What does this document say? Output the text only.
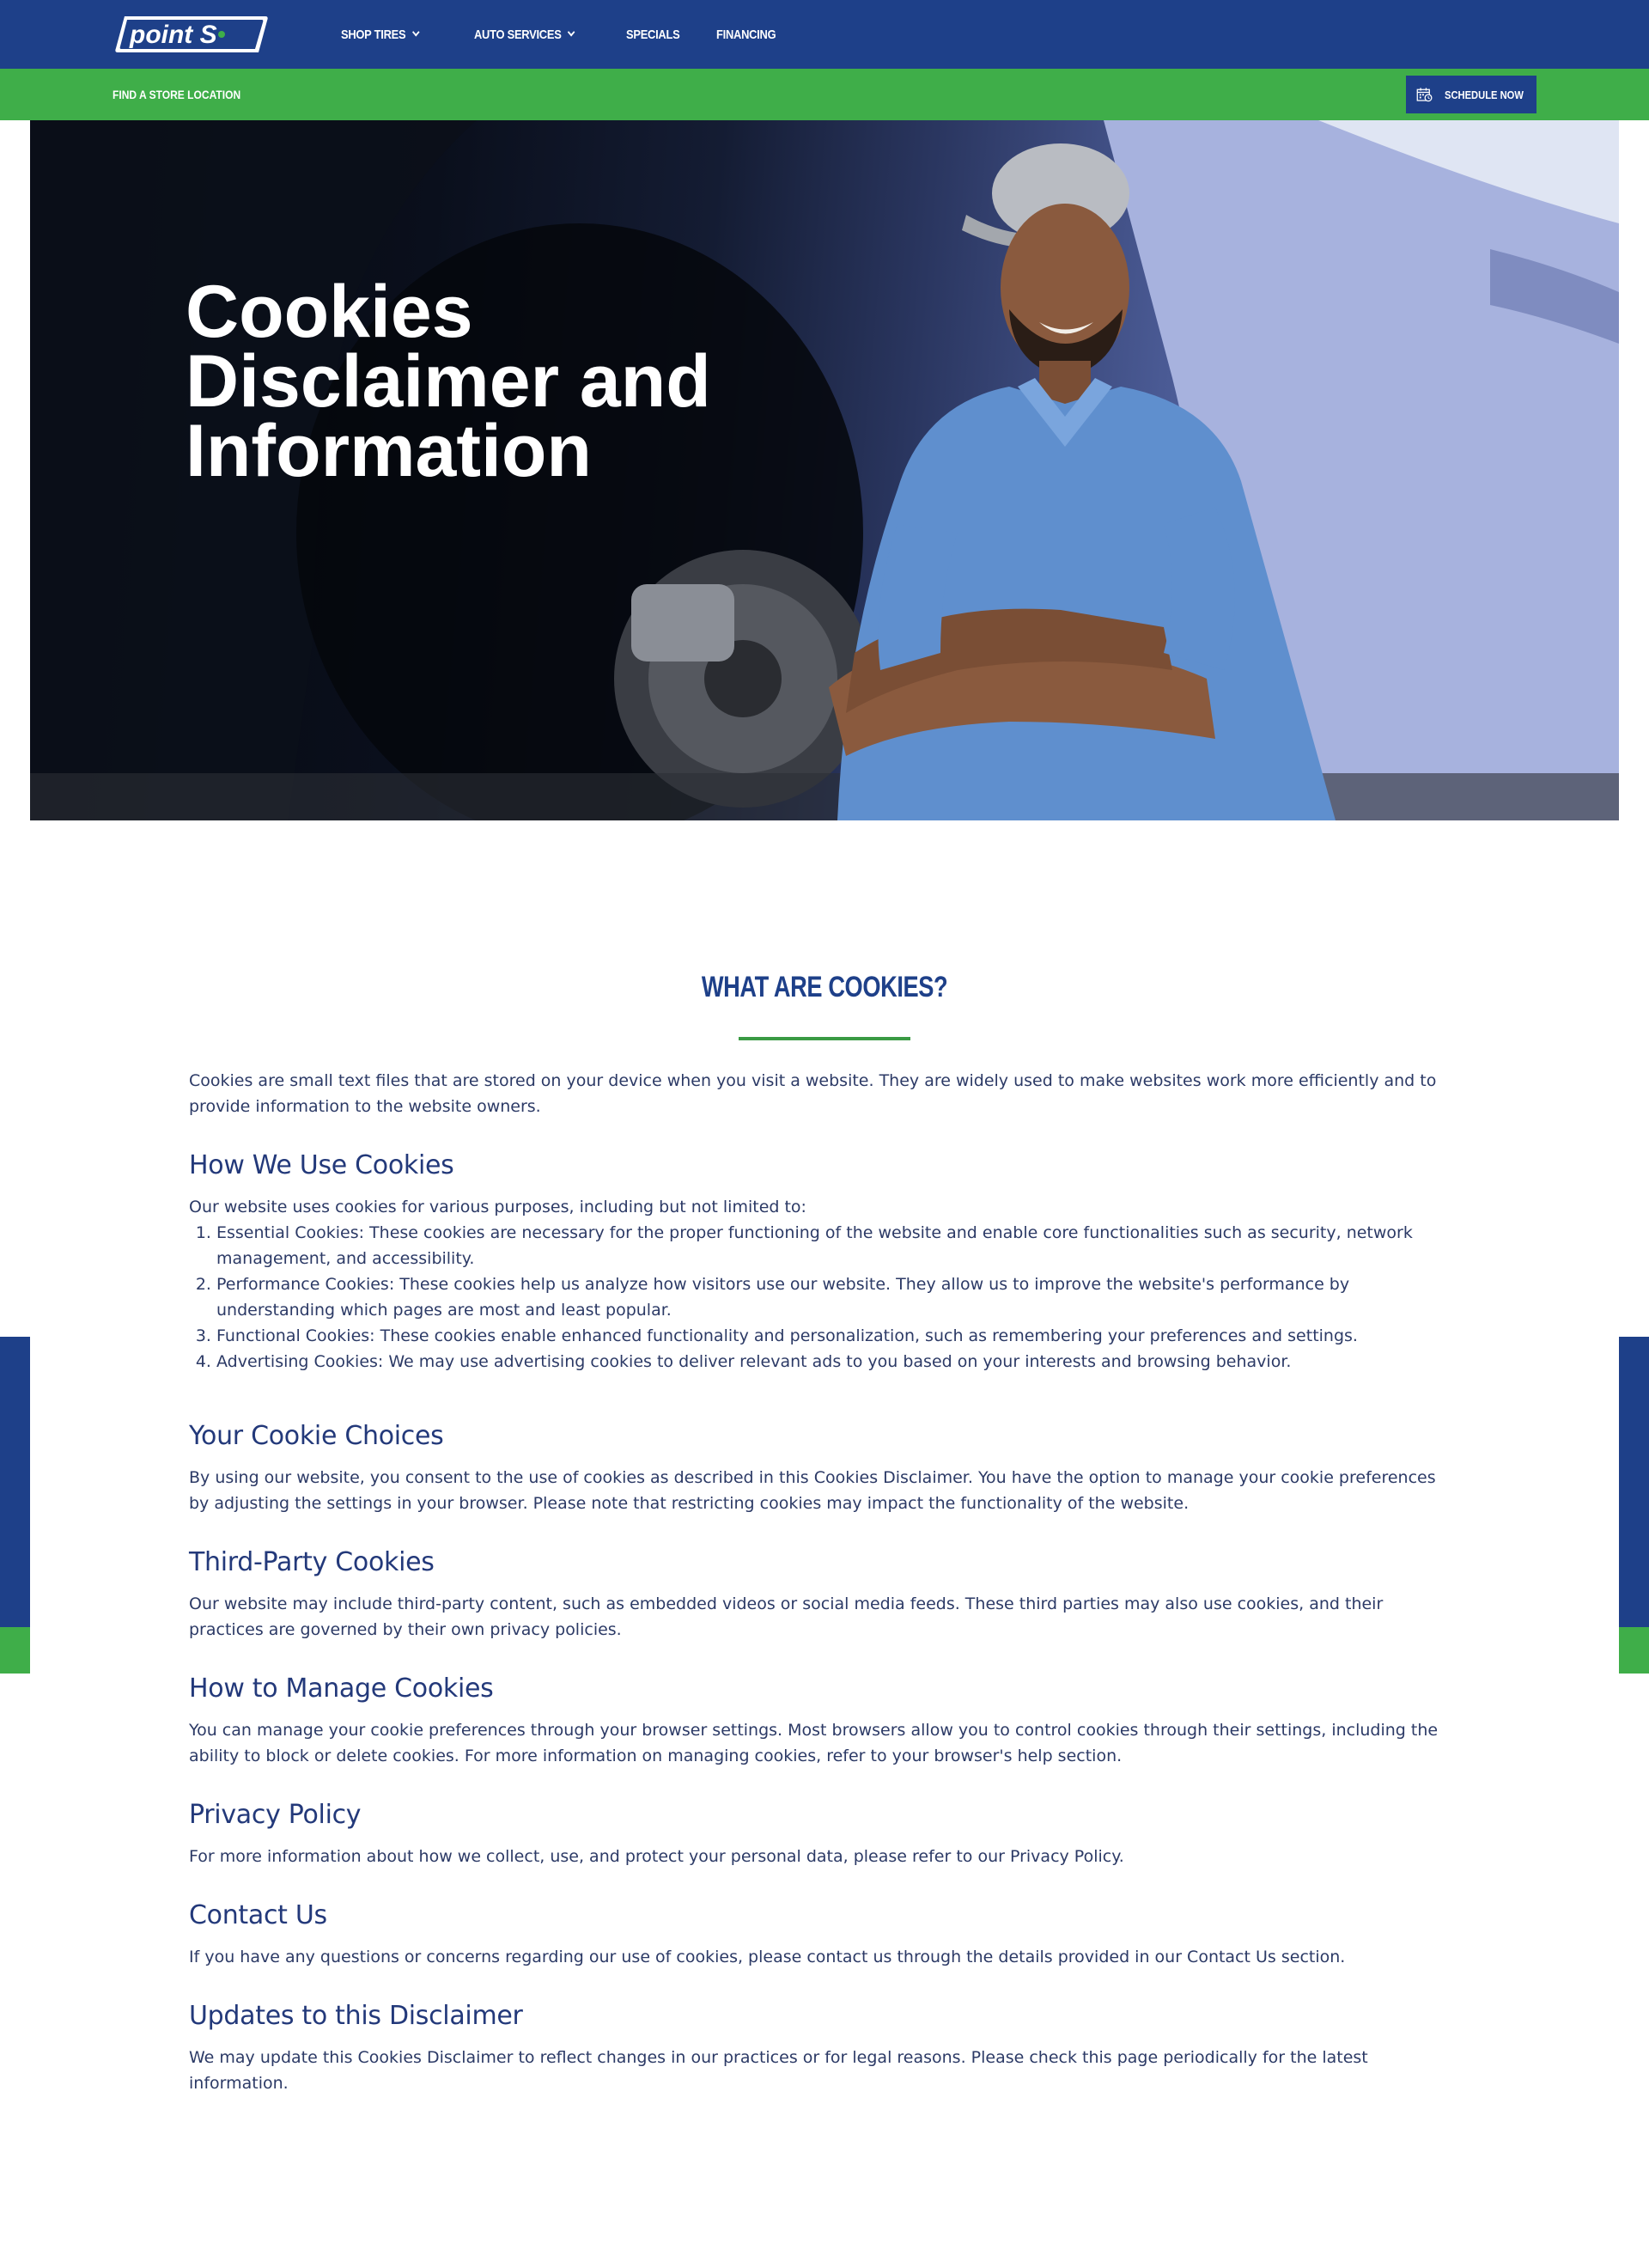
point S	SHOP TIRES	AUTO SERVICES	SPECIALS	FINANCING
FIND A STORE LOCATION	SCHEDULE NOW
Cookies Disclaimer and Information
WHAT ARE COOKIES?

Cookies are small text files that are stored on your device when you visit a website. They are widely used to make websites work more efficiently and to provide information to the website owners.

How We Use Cookies

Our website uses cookies for various purposes, including but not limited to:

1. Essential Cookies: These cookies are necessary for the proper functioning of the website and enable core functionalities such as security, network management, and accessibility.
2. Performance Cookies: These cookies help us analyze how visitors use our website. They allow us to improve the website's performance by understanding which pages are most and least popular.
3. Functional Cookies: These cookies enable enhanced functionality and personalization, such as remembering your preferences and settings.
4. Advertising Cookies: We may use advertising cookies to deliver relevant ads to you based on your interests and browsing behavior.
Your Cookie Choices

By using our website, you consent to the use of cookies as described in this Cookies Disclaimer. You have the option to manage your cookie preferences by adjusting the settings in your browser. Please note that restricting cookies may impact the functionality of the website.

Third-Party Cookies

Our website may include third-party content, such as embedded videos or social media feeds. These third parties may also use cookies, and their practices are governed by their own privacy policies.

How to Manage Cookies

You can manage your cookie preferences through your browser settings. Most browsers allow you to control cookies through their settings, including the ability to block or delete cookies. For more information on managing cookies, refer to your browser's help section.

Privacy Policy

For more information about how we collect, use, and protect your personal data, please refer to our Privacy Policy.

Contact Us

If you have any questions or concerns regarding our use of cookies, please contact us through the details provided in our Contact Us section.

Updates to this Disclaimer

We may update this Cookies Disclaimer to reflect changes in our practices or for legal reasons. Please check this page periodically for the latest information.
